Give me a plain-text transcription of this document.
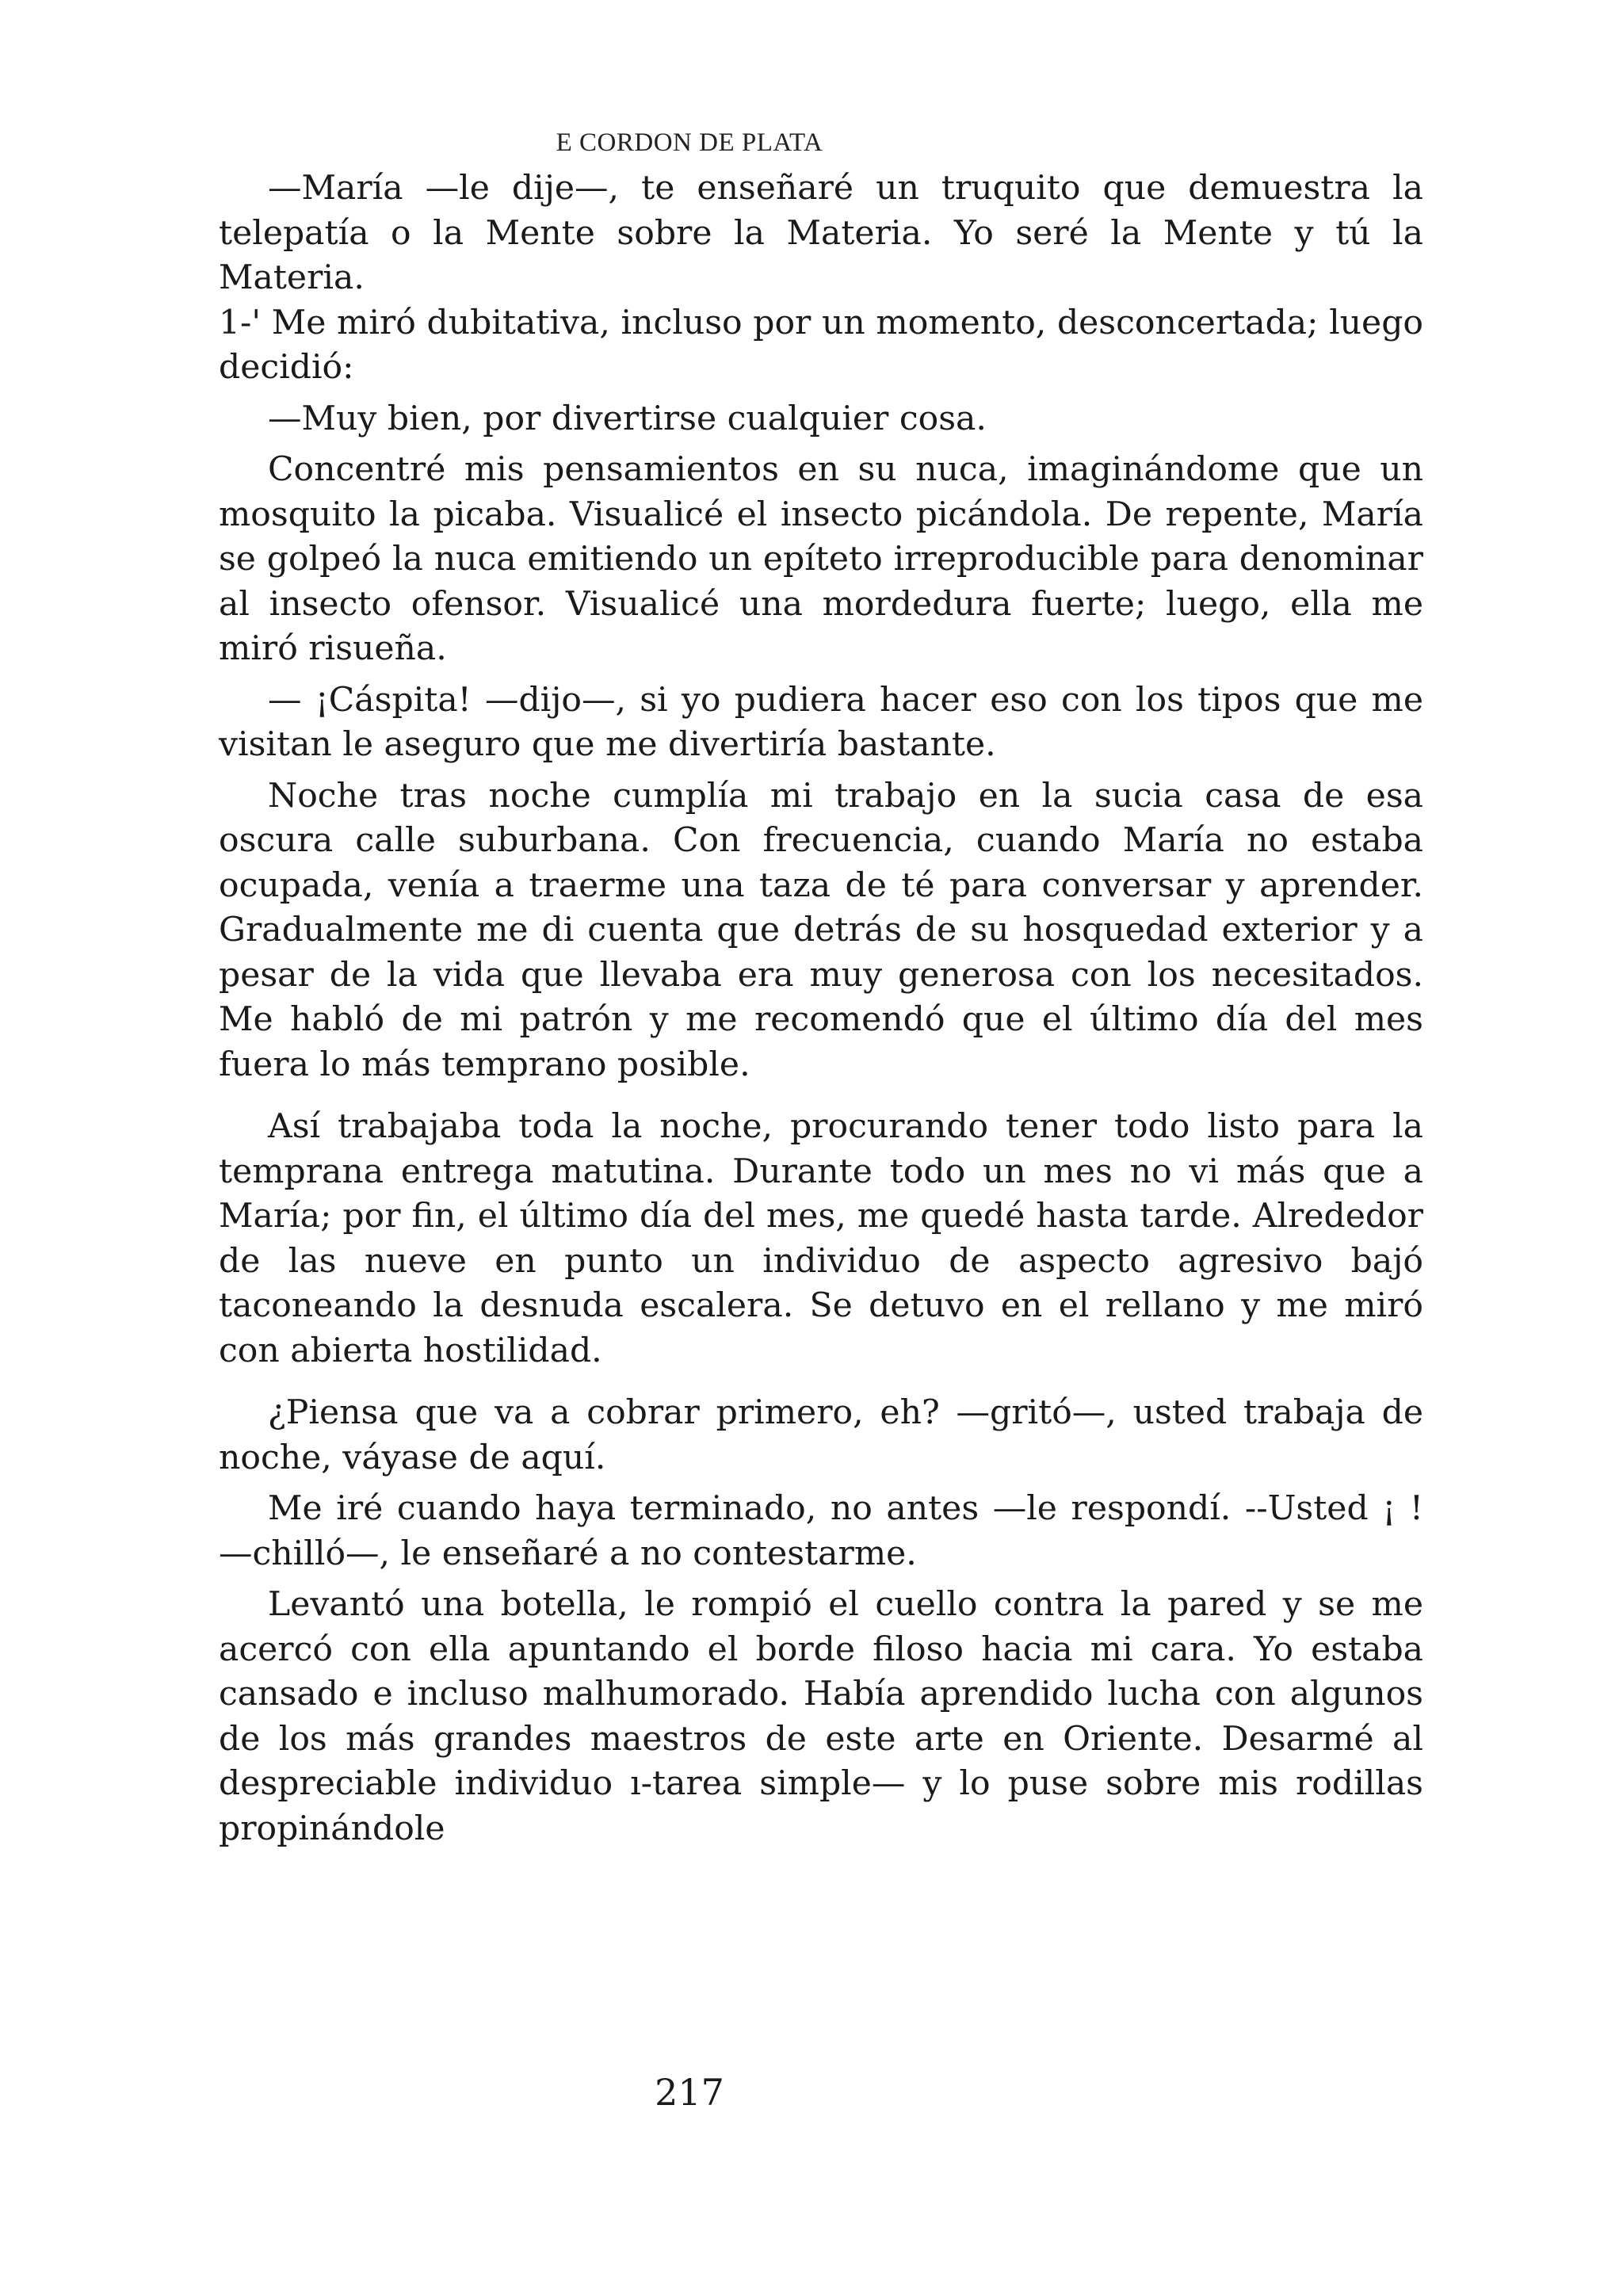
E CORDON DE PLATA

—María —le dije—, te enseñaré un truquito que demuestra la telepatía o la Mente sobre la Materia. Yo seré la Mente y tú la Materia.

1-' Me miró dubitativa, incluso por un momento, desconcertada; luego decidió:

—Muy bien, por divertirse cualquier cosa.

Concentré mis pensamientos en su nuca, imaginándome que un mosquito la picaba. Visualicé el insecto picándola. De repente, María se golpeó la nuca emitiendo un epíteto irreproducible para denominar al insecto ofensor. Visualicé una mordedura fuerte; luego, ella me miró risueña.

— ¡Cáspita! —dijo—, si yo pudiera hacer eso con los tipos que me visitan le aseguro que me divertiría bastante.

Noche tras noche cumplía mi trabajo en la sucia casa de esa oscura calle suburbana. Con frecuencia, cuando María no estaba ocupada, venía a traerme una taza de té para conversar y aprender. Gradualmente me di cuenta que detrás de su hosquedad exterior y a pesar de la vida que llevaba era muy generosa con los necesitados. Me habló de mi patrón y me recomendó que el último día del mes fuera lo más temprano posible.

Así trabajaba toda la noche, procurando tener todo listo para la temprana entrega matutina. Durante todo un mes no vi más que a María; por fin, el último día del mes, me quedé hasta tarde. Alrededor de las nueve en punto un individuo de aspecto agresivo bajó taconeando la desnuda escalera. Se detuvo en el rellano y me miró con abierta hostilidad.

¿Piensa que va a cobrar primero, eh? —gritó—, usted trabaja de noche, váyase de aquí.

Me iré cuando haya terminado, no antes —le respondí. --Usted ¡ ! —chilló—, le enseñaré a no contestarme.

Levantó una botella, le rompió el cuello contra la pared y se me acercó con ella apuntando el borde filoso hacia mi cara. Yo estaba cansado e incluso malhumorado. Había aprendido lucha con algunos de los más grandes maestros de este arte en Oriente. Desarmé al despreciable individuo ı-tarea simple— y lo puse sobre mis rodillas propinándole

217
